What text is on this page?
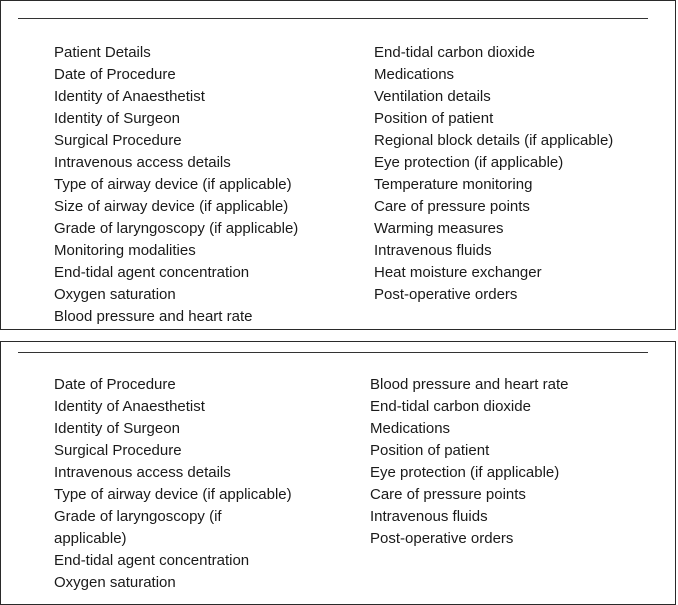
Patient Details
Date of Procedure
Identity of Anaesthetist
Identity of Surgeon
Surgical Procedure
Intravenous access details
Type of airway device (if applicable)
Size of airway device (if applicable)
Grade of laryngoscopy (if applicable)
Monitoring modalities
End-tidal agent concentration
Oxygen saturation
Blood pressure and heart rate
End-tidal carbon dioxide
Medications
Ventilation details
Position of patient
Regional block details (if applicable)
Eye protection (if applicable)
Temperature monitoring
Care of pressure points
Warming measures
Intravenous fluids
Heat moisture exchanger
Post-operative orders
Date of Procedure
Identity of Anaesthetist
Identity of Surgeon
Surgical Procedure
Intravenous access details
Type of airway device (if applicable)
Grade of laryngoscopy (if
applicable)
End-tidal agent concentration
Oxygen saturation
Blood pressure and heart rate
End-tidal carbon dioxide
Medications
Position of patient
Eye protection (if applicable)
Care of pressure points
Intravenous fluids
Post-operative orders
